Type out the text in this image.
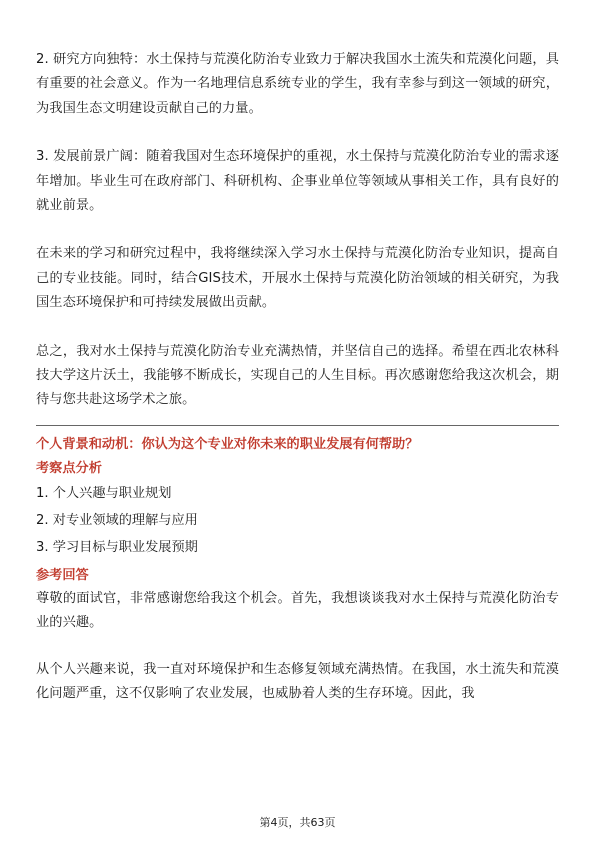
2. 研究方向独特：水土保持与荒漠化防治专业致力于解决我国水土流失和荒漠化问题，具有重要的社会意义。作为一名地理信息系统专业的学生，我有幸参与到这一领域的研究，为我国生态文明建设贡献自己的力量。

3. 发展前景广阔：随着我国对生态环境保护的重视，水土保持与荒漠化防治专业的需求逐年增加。毕业生可在政府部门、科研机构、企事业单位等领域从事相关工作，具有良好的就业前景。

在未来的学习和研究过程中，我将继续深入学习水土保持与荒漠化防治专业知识，提高自己的专业技能。同时，结合GIS技术，开展水土保持与荒漠化防治领域的相关研究，为我国生态环境保护和可持续发展做出贡献。

总之，我对水土保持与荒漠化防治专业充满热情，并坚信自己的选择。希望在西北农林科技大学这片沃土，我能够不断成长，实现自己的人生目标。再次感谢您给我这次机会，期待与您共赴这场学术之旅。

个人背景和动机：你认为这个专业对你未来的职业发展有何帮助？

考察点分析

1. 个人兴趣与职业规划

2. 对专业领域的理解与应用

3. 学习目标与职业发展预期

参考回答

尊敬的面试官，非常感谢您给我这个机会。首先，我想谈谈我对水土保持与荒漠化防治专业的兴趣。

从个人兴趣来说，我一直对环境保护和生态修复领域充满热情。在我国，水土流失和荒漠化问题严重，这不仅影响了农业发展，也威胁着人类的生存环境。因此，我

第4页，共63页
